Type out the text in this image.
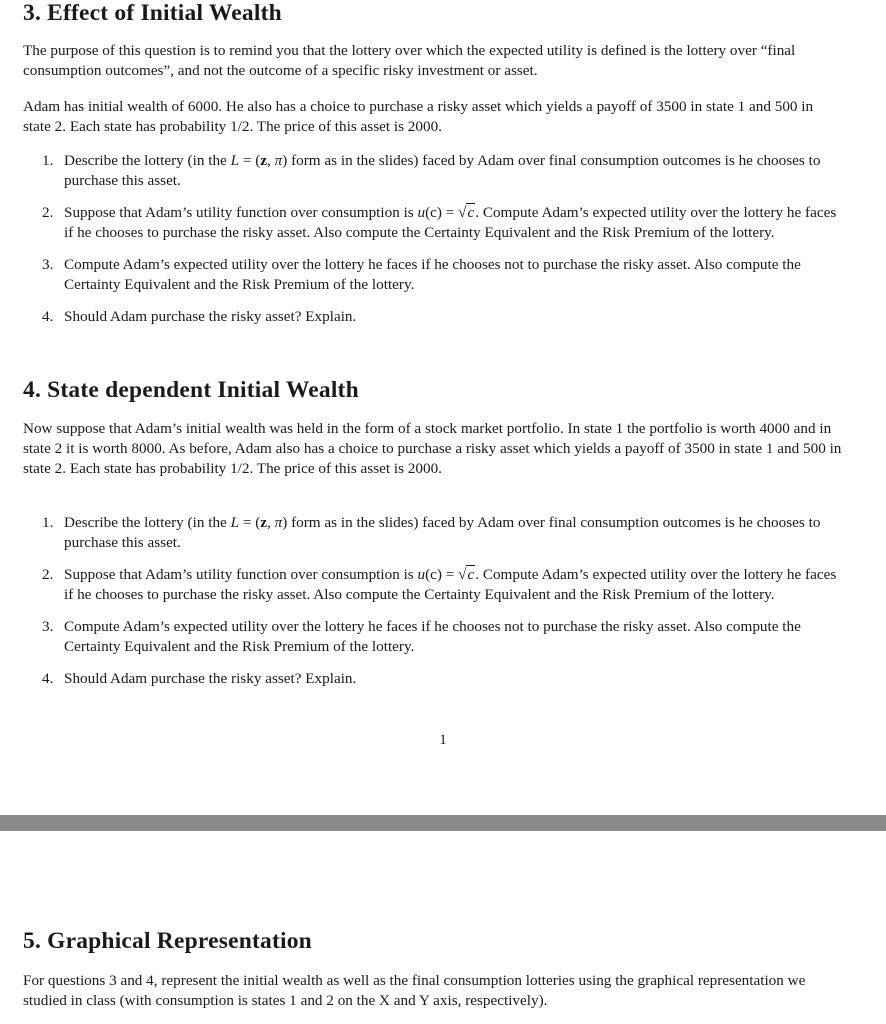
3. Effect of Initial Wealth

The purpose of this question is to remind you that the lottery over which the expected utility is defined is the lottery over “final consumption outcomes”, and not the outcome of a specific risky investment or asset.

Adam has initial wealth of 6000. He also has a choice to purchase a risky asset which yields a payoff of 3500 in state 1 and 500 in state 2. Each state has probability 1/2. The price of this asset is 2000.

1. Describe the lottery (in the L = (z, π) form as in the slides) faced by Adam over final consumption outcomes is he chooses to purchase this asset.
2. Suppose that Adam’s utility function over consumption is u(c) = √c. Compute Adam’s expected utility over the lottery he faces if he chooses to purchase the risky asset. Also compute the Certainty Equivalent and the Risk Premium of the lottery.
3. Compute Adam’s expected utility over the lottery he faces if he chooses not to purchase the risky asset. Also compute the Certainty Equivalent and the Risk Premium of the lottery.
4. Should Adam purchase the risky asset? Explain.
4. State dependent Initial Wealth

Now suppose that Adam’s initial wealth was held in the form of a stock market portfolio. In state 1 the portfolio is worth 4000 and in state 2 it is worth 8000. As before, Adam also has a choice to purchase a risky asset which yields a payoff of 3500 in state 1 and 500 in state 2. Each state has probability 1/2. The price of this asset is 2000.

1. Describe the lottery (in the L = (z, π) form as in the slides) faced by Adam over final consumption outcomes is he chooses to purchase this asset.
2. Suppose that Adam’s utility function over consumption is u(c) = √c. Compute Adam’s expected utility over the lottery he faces if he chooses to purchase the risky asset. Also compute the Certainty Equivalent and the Risk Premium of the lottery.
3. Compute Adam’s expected utility over the lottery he faces if he chooses not to purchase the risky asset. Also compute the Certainty Equivalent and the Risk Premium of the lottery.
4. Should Adam purchase the risky asset? Explain.
1
5. Graphical Representation

For questions 3 and 4, represent the initial wealth as well as the final consumption lotteries using the graphical representation we studied in class (with consumption is states 1 and 2 on the X and Y axis, respectively).
